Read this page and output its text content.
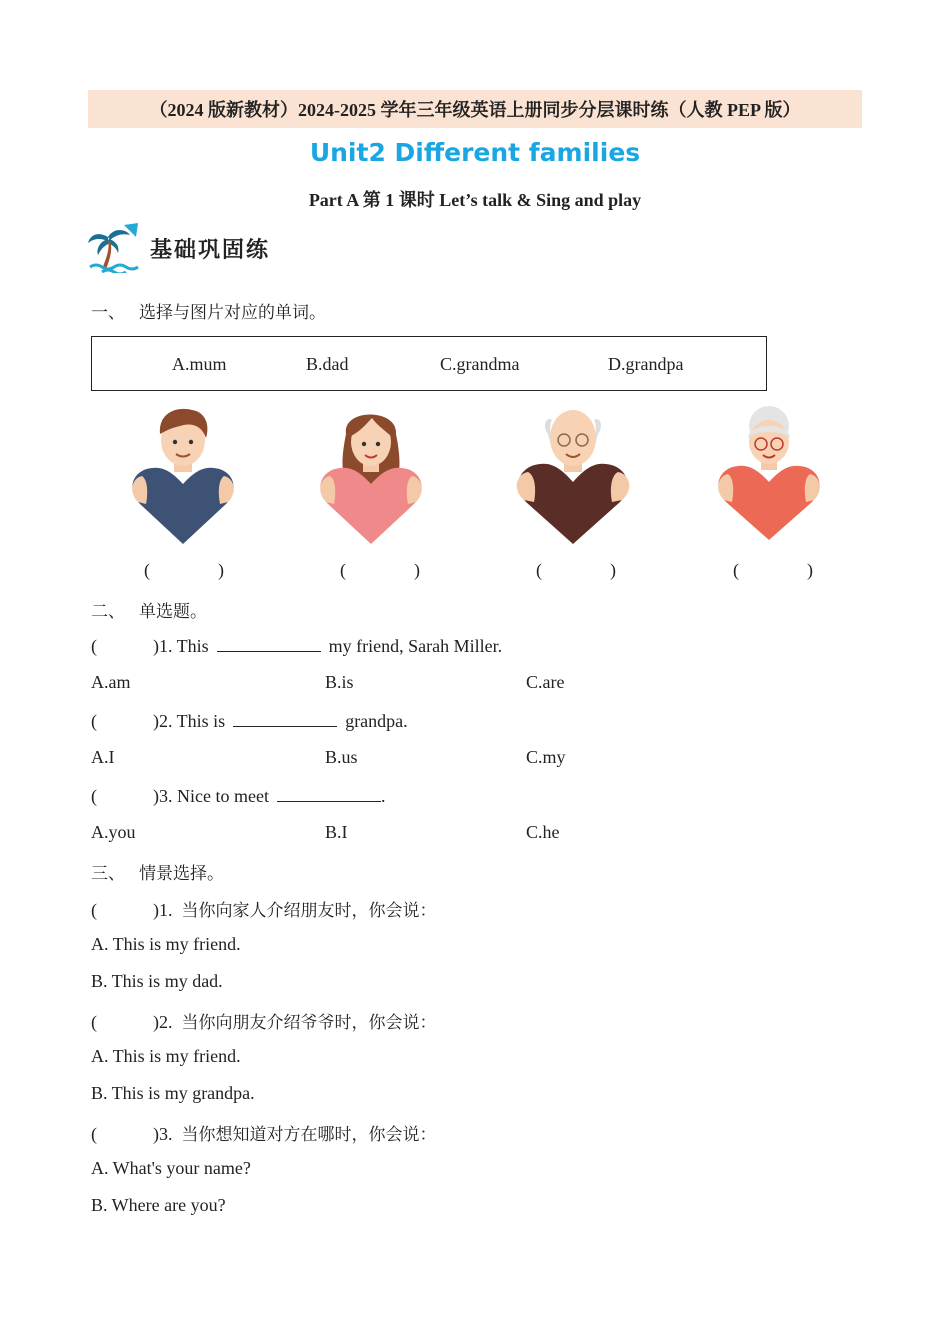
（2024 版新教材）2024-2025 学年三年级英语上册同步分层课时练（人教 PEP 版）
Unit2 Different families
Part A 第 1 课时 Let’s talk & Sing and play
基础巩固练
一、 选择与图片对应的单词。
A.mum	B.dad	C.grandma	D.grandpa
(	)	(	)	(	)	(	)
二、 单选题。
(	)1. This	my friend, Sarah Miller.
A.am	B.is	C.are
(	)2. This is	grandpa.
A.I	B.us	C.my
(	)3. Nice to meet	.
A.you	B.I	C.he
三、 情景选择。
(	)1. 当你向家人介绍朋友时，你会说：
A. This is my friend.
B. This is my dad.
(	)2. 当你向朋友介绍爷爷时，你会说：
A. This is my friend.
B. This is my grandpa.
(	)3. 当你想知道对方在哪时，你会说：
A. What's your name?
B. Where are you?
